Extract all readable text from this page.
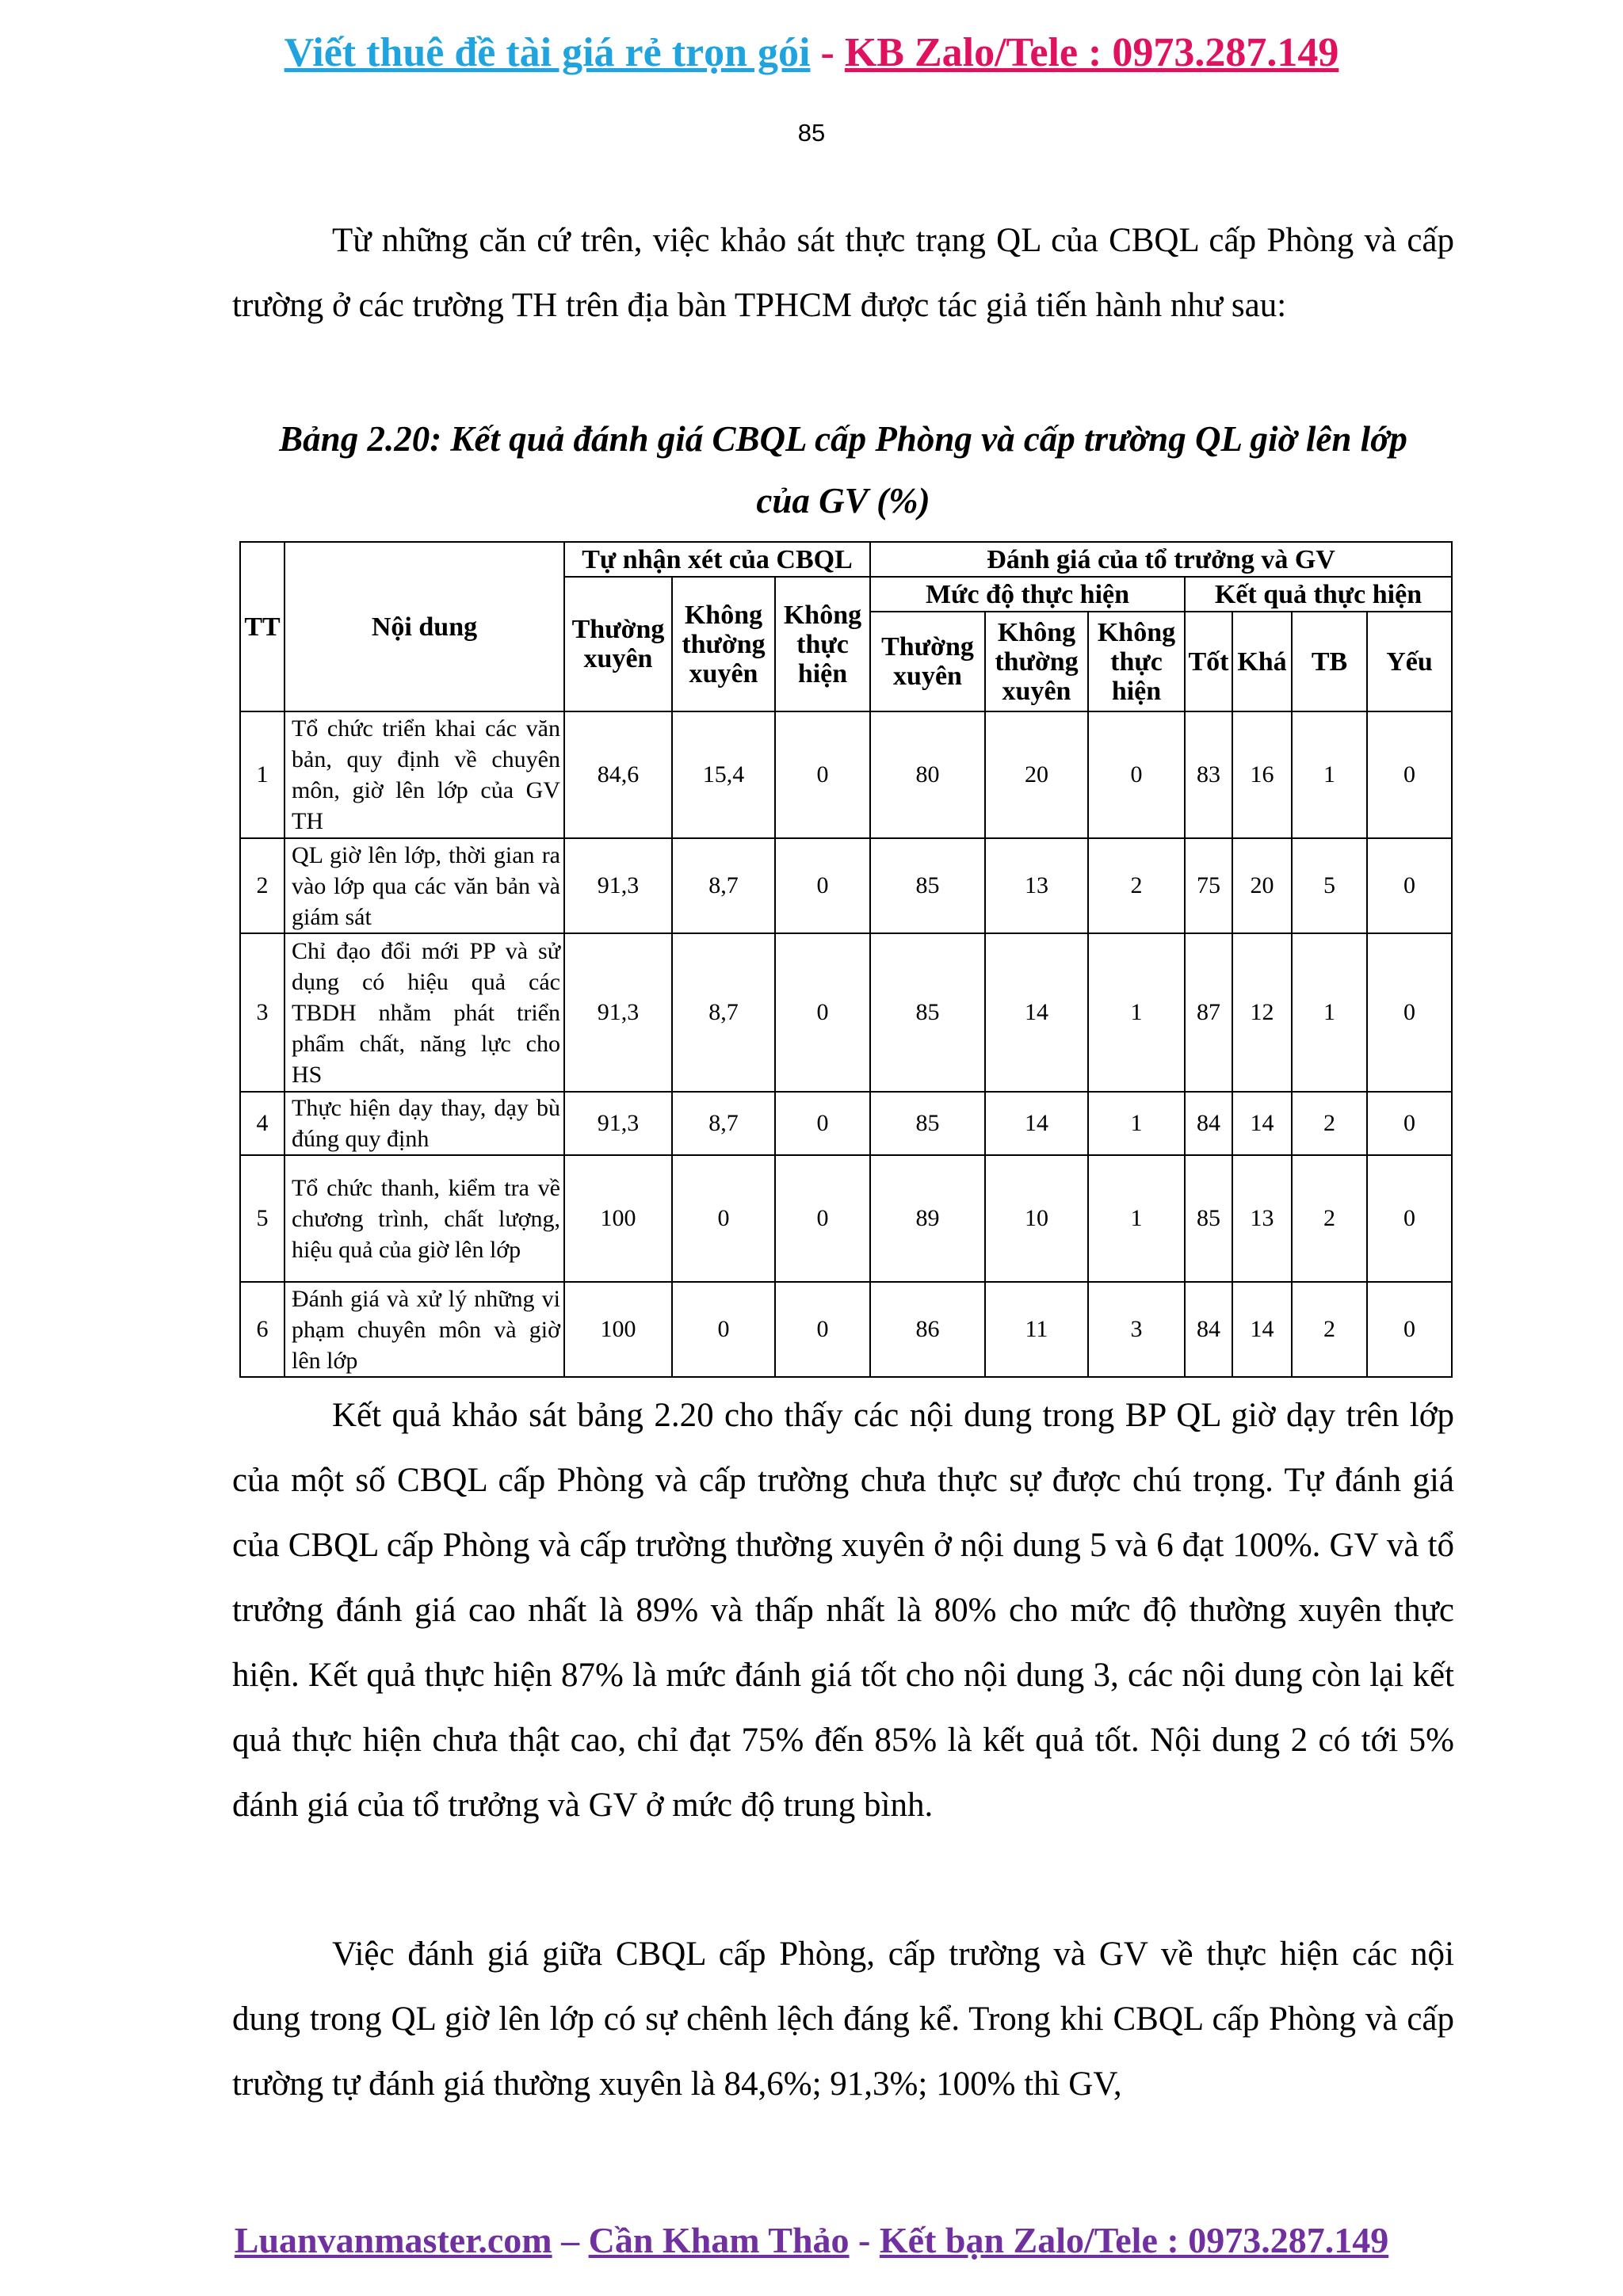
Viết thuê đề tài giá rẻ trọn gói - KB Zalo/Tele : 0973.287.149
85

Từ những căn cứ trên, việc khảo sát thực trạng QL của CBQL cấp Phòng và cấp trường ở các trường TH trên địa bàn TPHCM được tác giả tiến hành như sau:

Bảng 2.20: Kết quả đánh giá CBQL cấp Phòng và cấp trường QL giờ lên lớp

của GV (%)

TT	Nội dung	Tự nhận xét của CBQL			Đánh giá của tổ trưởng và GV						
		Thường xuyên	Không thường xuyên	Không thực hiện	Mức độ thực hiện			Kết quả thực hiện			
					Thường xuyên	Không thường xuyên	Không thực hiện	Tốt	Khá	TB	Yếu
1	Tổ chức triển khai các văn bản, quy định về chuyên môn, giờ lên lớp của GV TH	84,6	15,4	0	80	20	0	83	16	1	0
2	QL giờ lên lớp, thời gian ra vào lớp qua các văn bản và giám sát	91,3	8,7	0	85	13	2	75	20	5	0
3	Chỉ đạo đổi mới PP và sử dụng có hiệu quả các TBDH nhằm phát triển phẩm chất, năng lực cho HS	91,3	8,7	0	85	14	1	87	12	1	0
4	Thực hiện dạy thay, dạy bù đúng quy định	91,3	8,7	0	85	14	1	84	14	2	0
5	Tổ chức thanh, kiểm tra về chương trình, chất lượng, hiệu quả của giờ lên lớp	100	0	0	89	10	1	85	13	2	0
6	Đánh giá và xử lý những vi phạm chuyên môn và giờ lên lớp	100	0	0	86	11	3	84	14	2	0

Kết quả khảo sát bảng 2.20 cho thấy các nội dung trong BP QL giờ dạy trên lớp của một số CBQL cấp Phòng và cấp trường chưa thực sự được chú trọng. Tự đánh giá của CBQL cấp Phòng và cấp trường thường xuyên ở nội dung 5 và 6 đạt 100%. GV và tổ trưởng đánh giá cao nhất là 89% và thấp nhất là 80% cho mức độ thường xuyên thực hiện. Kết quả thực hiện 87% là mức đánh giá tốt cho nội dung 3, các nội dung còn lại kết quả thực hiện chưa thật cao, chỉ đạt 75% đến 85% là kết quả tốt. Nội dung 2 có tới 5% đánh giá của tổ trưởng và GV ở mức độ trung bình.

Việc đánh giá giữa CBQL cấp Phòng, cấp trường và GV về thực hiện các nội dung trong QL giờ lên lớp có sự chênh lệch đáng kể. Trong khi CBQL cấp Phòng và cấp trường tự đánh giá thường xuyên là 84,6%; 91,3%; 100% thì GV,

Luanvanmaster.com – Cần Kham Thảo - Kết bạn Zalo/Tele : 0973.287.149
